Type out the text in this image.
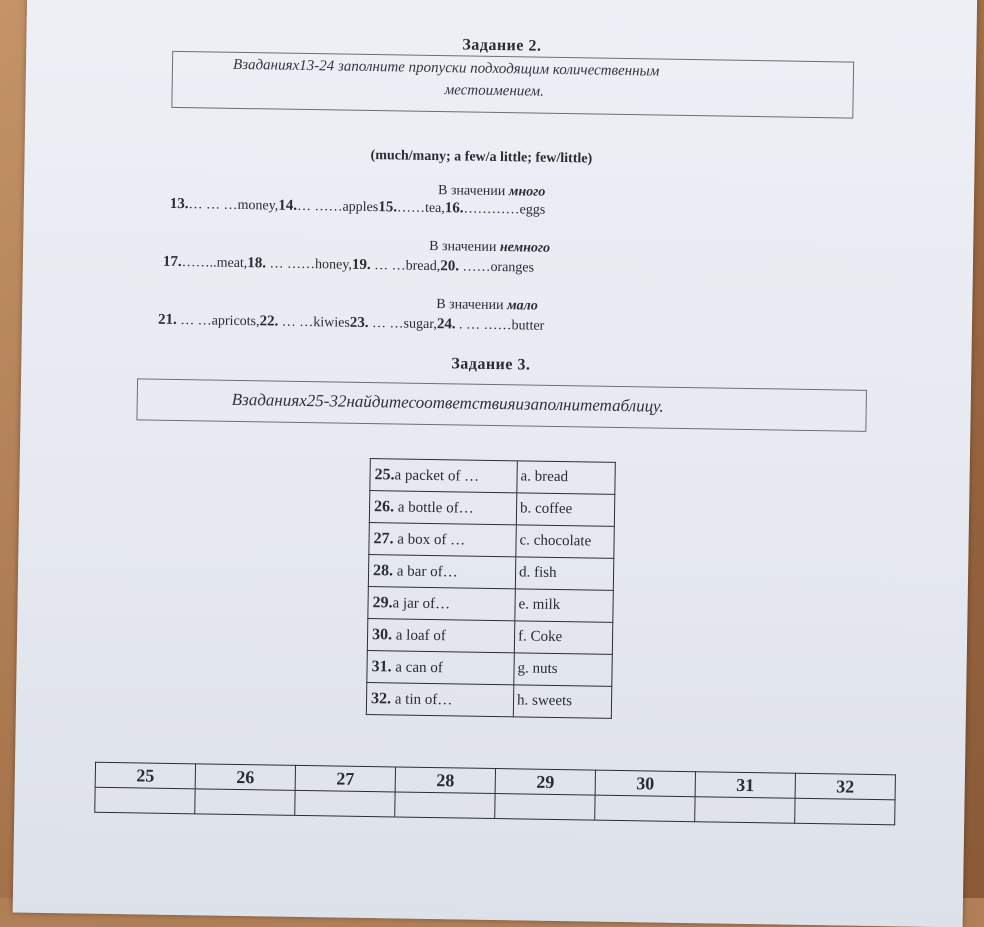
Задание 2.
Взаданиях13-24 заполните пропуски подходящим количественным
местоимением.
(much/many; a few/a little; few/little)
В значении много
13.… … …money,14.… ……apples15.……tea,16.…………eggs
В значении немного
17.……..meat,18. … ……honey,19. … …bread,20. ……oranges
В значении мало
21. … …apricots,22. … …kiwies23. … …sugar,24. . … ……butter
Задание 3.
Взаданиях25-32найдитесоответствияизаполнитетаблицу.
25.a packet of …	a. bread
26. a bottle of…	b. coffee
27. a box of …	c. chocolate
28. a bar of…	d. fish
29.a jar of…	e. milk
30. a loaf of	f. Coke
31. a can of	g. nuts
32. a tin of…	h. sweets
25	26	27	28	29	30	31	32
